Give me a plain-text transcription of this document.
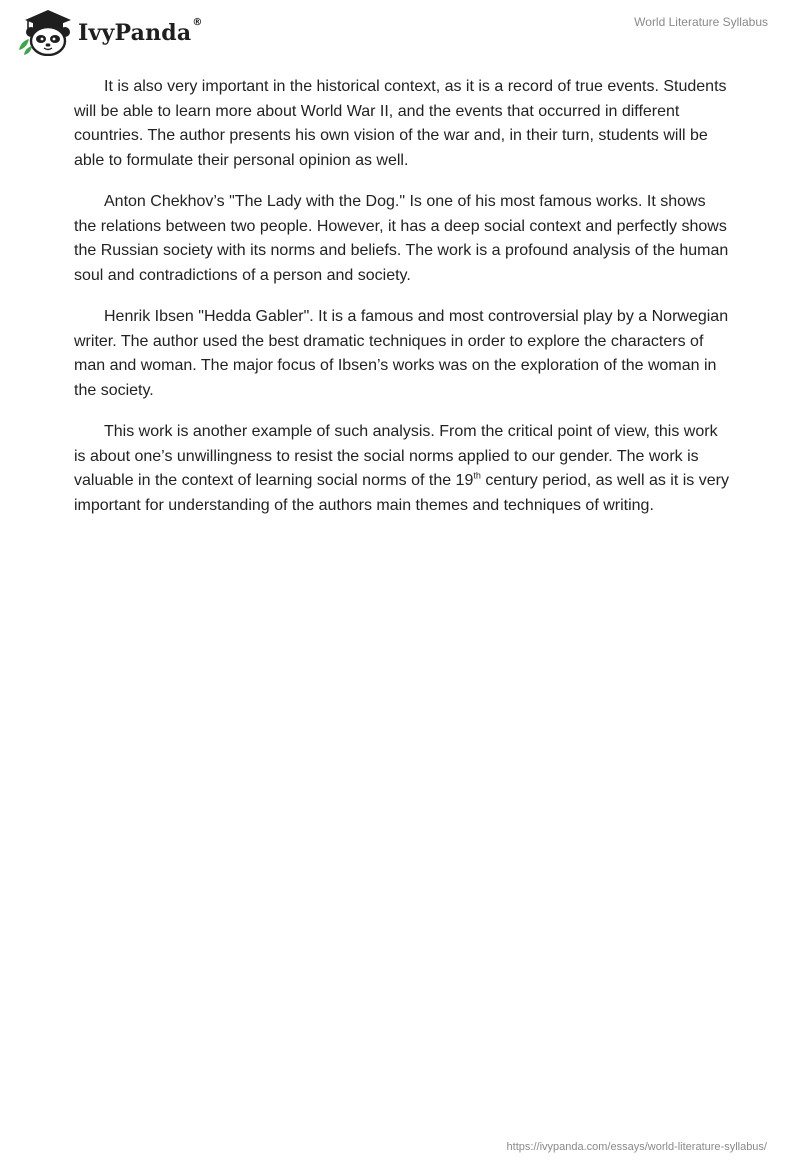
IvyPanda®	World Literature Syllabus

It is also very important in the historical context, as it is a record of true events. Students will be able to learn more about World War II, and the events that occurred in different countries. The author presents his own vision of the war and, in their turn, students will be able to formulate their personal opinion as well.

Anton Chekhov’s "The Lady with the Dog." Is one of his most famous works. It shows the relations between two people. However, it has a deep social context and perfectly shows the Russian society with its norms and beliefs. The work is a profound analysis of the human soul and contradictions of a person and society.

Henrik Ibsen "Hedda Gabler". It is a famous and most controversial play by a Norwegian writer. The author used the best dramatic techniques in order to explore the characters of man and woman. The major focus of Ibsen’s works was on the exploration of the woman in the society.

This work is another example of such analysis. From the critical point of view, this work is about one’s unwillingness to resist the social norms applied to our gender. The work is valuable in the context of learning social norms of the 19th century period, as well as it is very important for understanding of the authors main themes and techniques of writing.

https://ivypanda.com/essays/world-literature-syllabus/
